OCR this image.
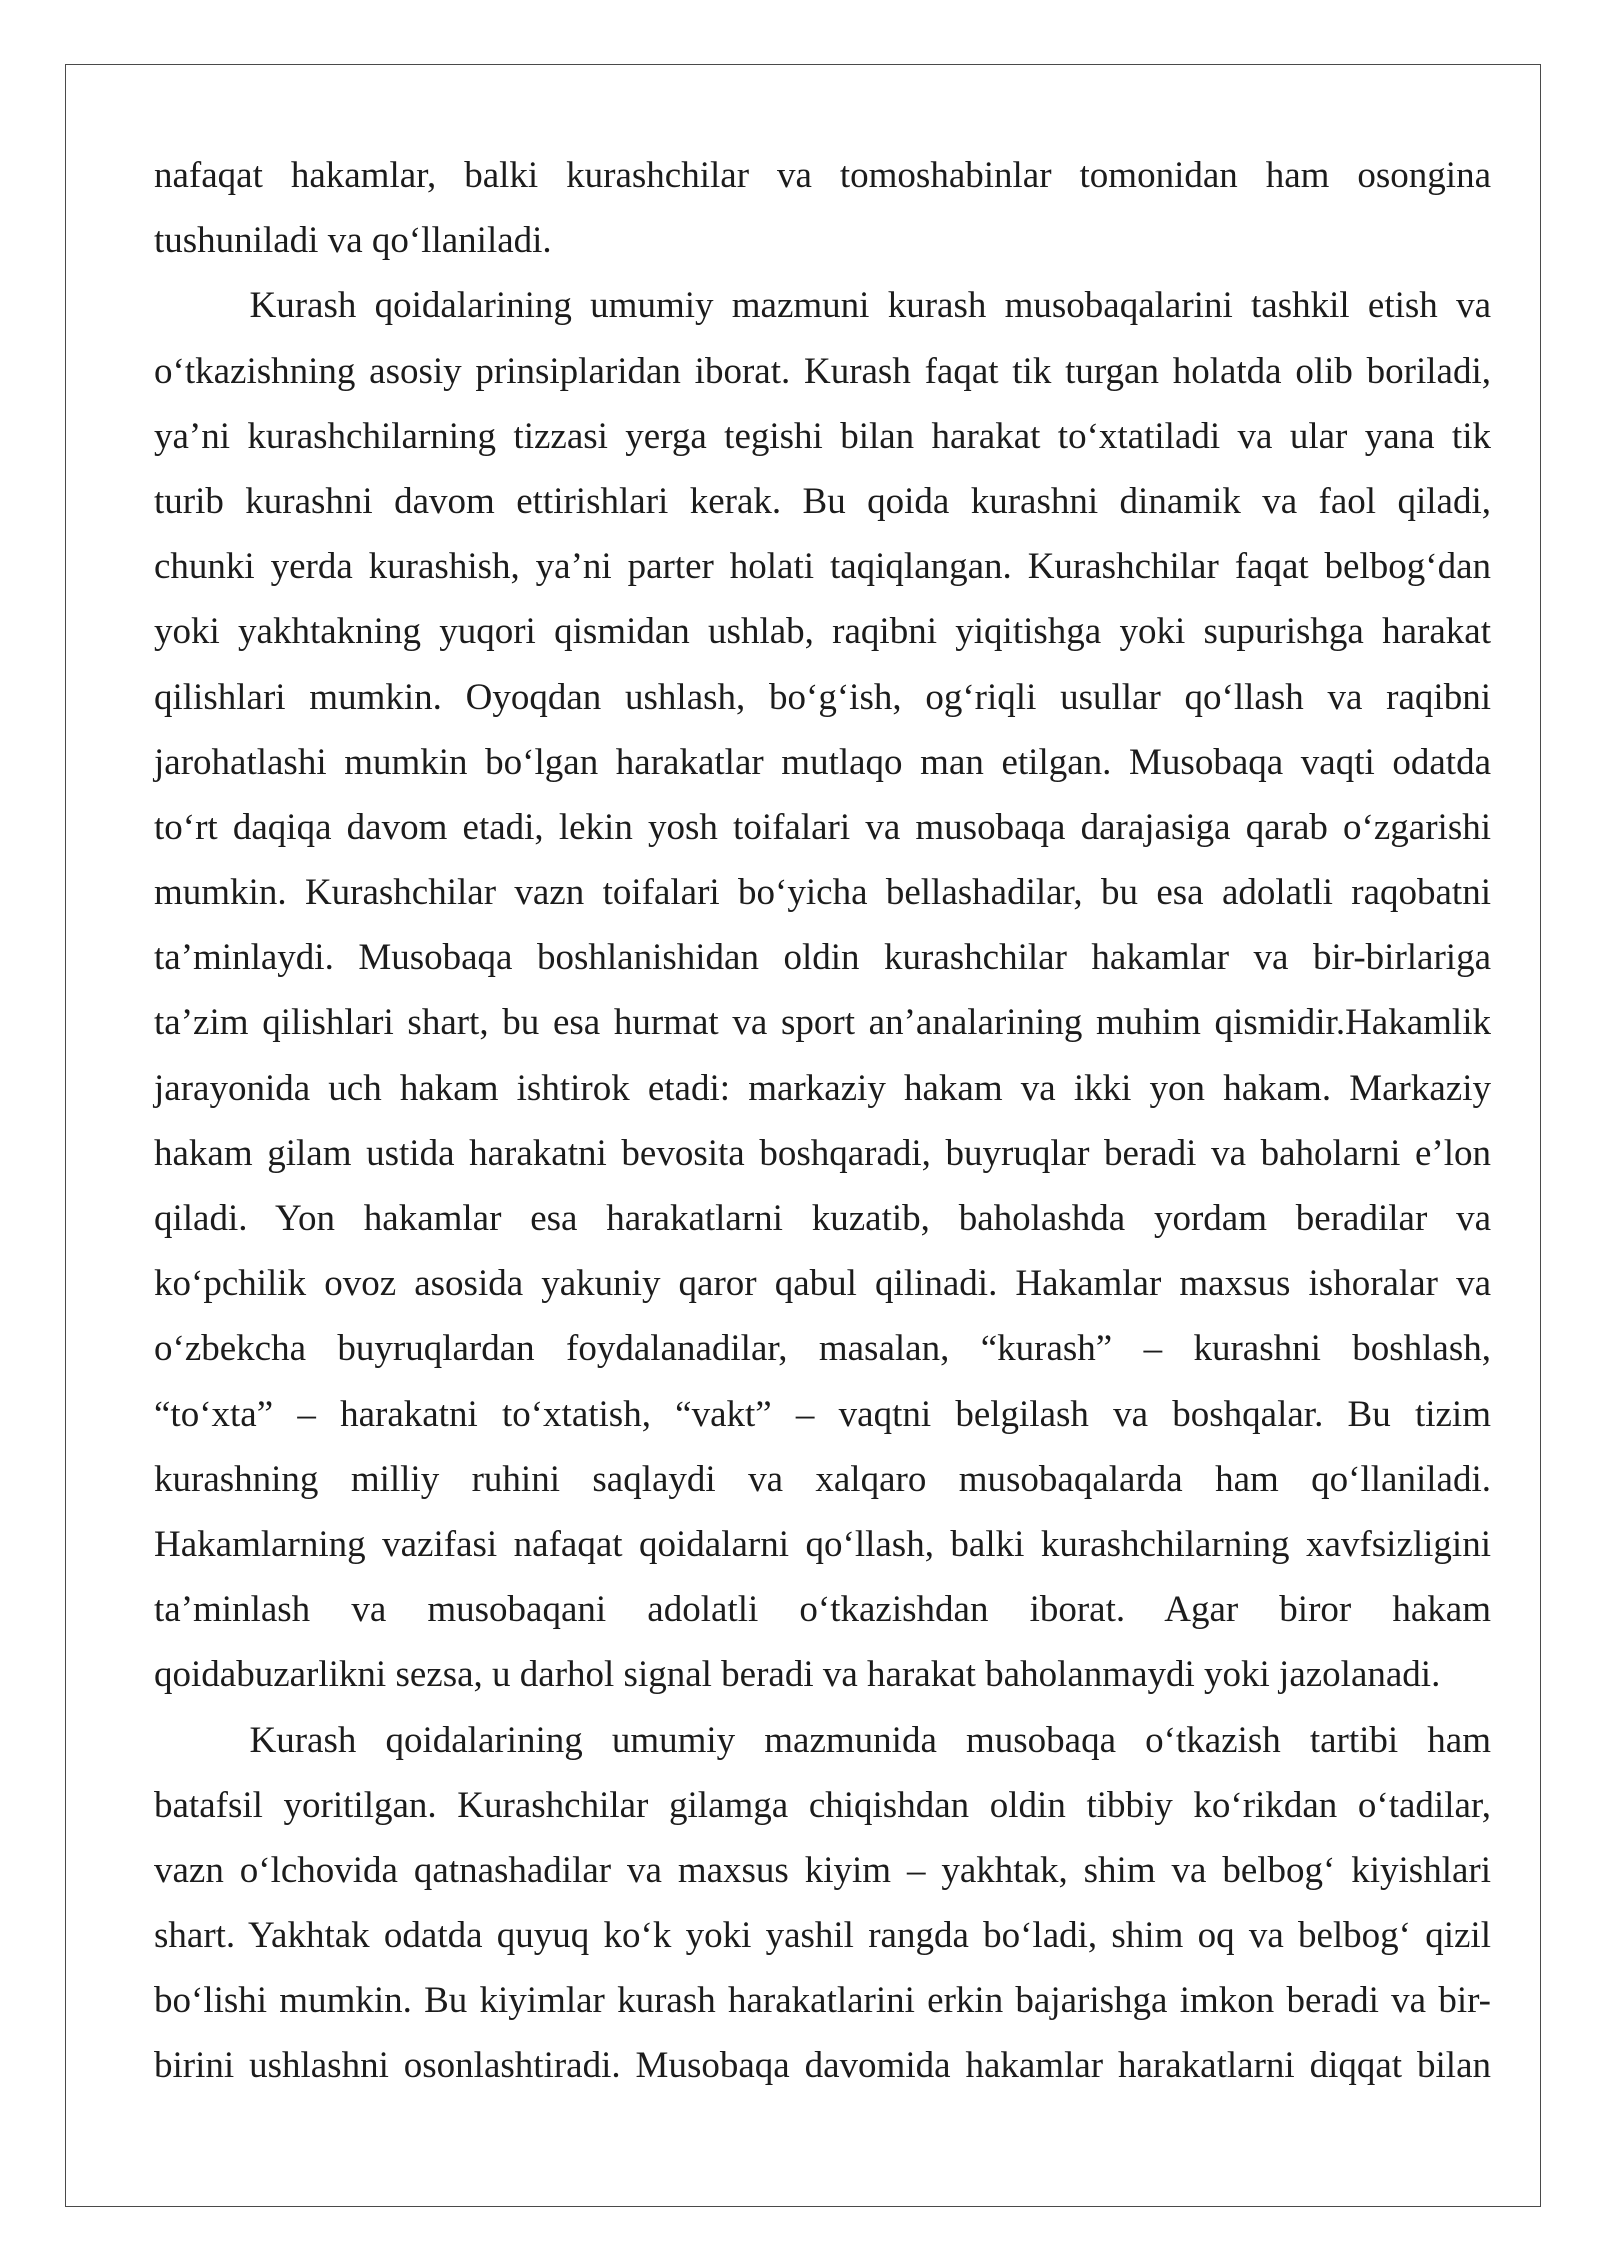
nafaqat hakamlar, balki kurashchilar va tomoshabinlar tomonidan ham osongina
tushuniladi va qo‘llaniladi.
Kurash qoidalarining umumiy mazmuni kurash musobaqalarini tashkil etish va
o‘tkazishning asosiy prinsiplaridan iborat. Kurash faqat tik turgan holatda olib boriladi,
ya’ni kurashchilarning tizzasi yerga tegishi bilan harakat to‘xtatiladi va ular yana tik
turib kurashni davom ettirishlari kerak. Bu qoida kurashni dinamik va faol qiladi,
chunki yerda kurashish, ya’ni parter holati taqiqlangan. Kurashchilar faqat belbog‘dan
yoki yakhtakning yuqori qismidan ushlab, raqibni yiqitishga yoki supurishga harakat
qilishlari mumkin. Oyoqdan ushlash, bo‘g‘ish, og‘riqli usullar qo‘llash va raqibni
jarohatlashi mumkin bo‘lgan harakatlar mutlaqo man etilgan. Musobaqa vaqti odatda
to‘rt daqiqa davom etadi, lekin yosh toifalari va musobaqa darajasiga qarab o‘zgarishi
mumkin. Kurashchilar vazn toifalari bo‘yicha bellashadilar, bu esa adolatli raqobatni
ta’minlaydi. Musobaqa boshlanishidan oldin kurashchilar hakamlar va bir-birlariga
ta’zim qilishlari shart, bu esa hurmat va sport an’analarining muhim qismidir.Hakamlik
jarayonida uch hakam ishtirok etadi: markaziy hakam va ikki yon hakam. Markaziy
hakam gilam ustida harakatni bevosita boshqaradi, buyruqlar beradi va baholarni e’lon
qiladi. Yon hakamlar esa harakatlarni kuzatib, baholashda yordam beradilar va
ko‘pchilik ovoz asosida yakuniy qaror qabul qilinadi. Hakamlar maxsus ishoralar va
o‘zbekcha buyruqlardan foydalanadilar, masalan, “kurash” – kurashni boshlash,
“to‘xta” – harakatni to‘xtatish, “vakt” – vaqtni belgilash va boshqalar. Bu tizim
kurashning milliy ruhini saqlaydi va xalqaro musobaqalarda ham qo‘llaniladi.
Hakamlarning vazifasi nafaqat qoidalarni qo‘llash, balki kurashchilarning xavfsizligini
ta’minlash va musobaqani adolatli o‘tkazishdan iborat. Agar biror hakam
qoidabuzarlikni sezsa, u darhol signal beradi va harakat baholanmaydi yoki jazolanadi.
Kurash qoidalarining umumiy mazmunida musobaqa o‘tkazish tartibi ham
batafsil yoritilgan. Kurashchilar gilamga chiqishdan oldin tibbiy ko‘rikdan o‘tadilar,
vazn o‘lchovida qatnashadilar va maxsus kiyim – yakhtak, shim va belbog‘ kiyishlari
shart. Yakhtak odatda quyuq ko‘k yoki yashil rangda bo‘ladi, shim oq va belbog‘ qizil
bo‘lishi mumkin. Bu kiyimlar kurash harakatlarini erkin bajarishga imkon beradi va bir-
birini ushlashni osonlashtiradi. Musobaqa davomida hakamlar harakatlarni diqqat bilan
